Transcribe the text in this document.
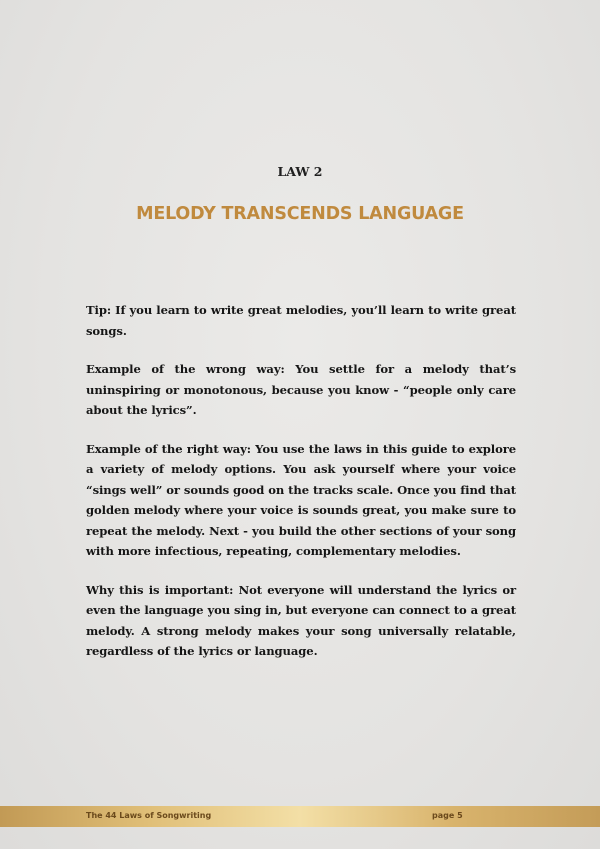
LAW 2
MELODY TRANSCENDS LANGUAGE

Tip: If you learn to write great melodies, you’ll learn to write great songs.

Example of the wrong way: You settle for a melody that’s uninspiring or monotonous, because you know - “people only care about the lyrics”.

Example of the right way: You use the laws in this guide to explore a variety of melody options. You ask yourself where your voice “sings well” or sounds good on the tracks scale. Once you find that golden melody where your voice is sounds great, you make sure to repeat the melody. Next - you build the other sections of your song with more infectious, repeating, complementary melodies.

Why this is important: Not everyone will understand the lyrics or even the language you sing in, but everyone can connect to a great melody. A strong melody makes your song universally relatable, regardless of the lyrics or language.

The 44 Laws of Songwriting	page 5
